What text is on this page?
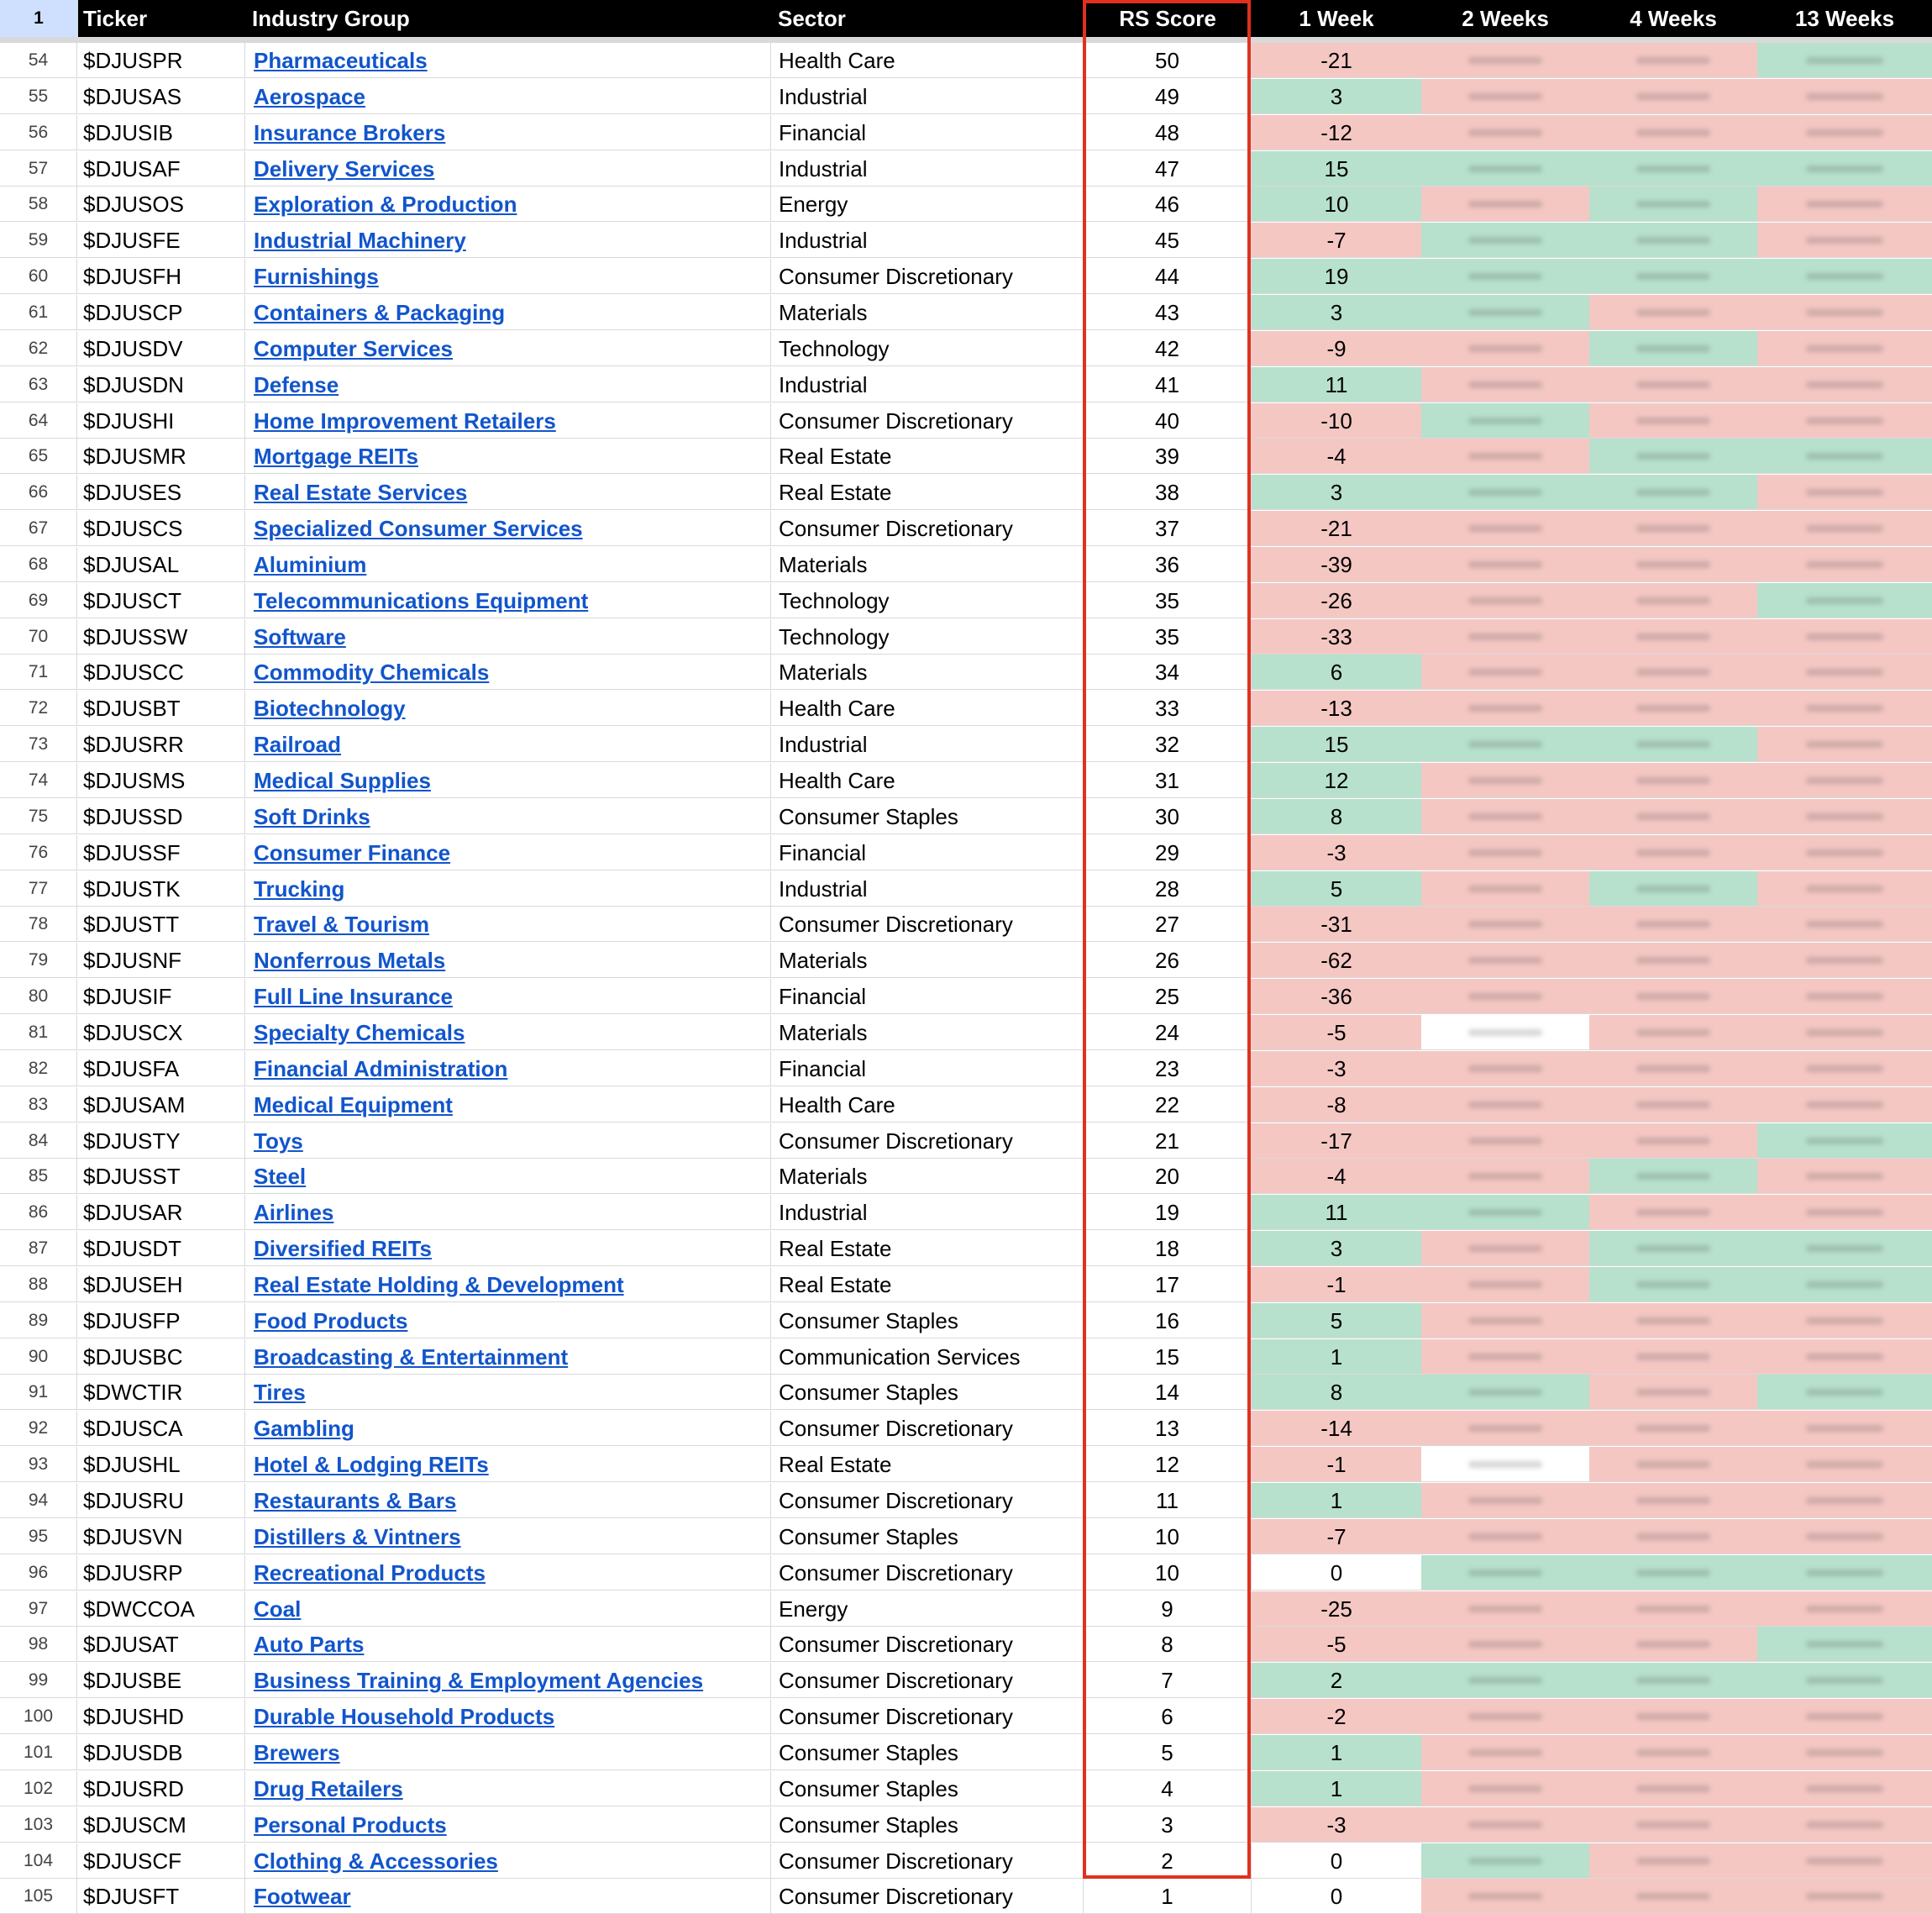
1	Ticker	Industry Group	Sector	RS Score	1 Week	2 Weeks	4 Weeks	13 Weeks
54	$DJUSPR	Pharmaceuticals	Health Care	50	-21
55	$DJUSAS	Aerospace	Industrial	49	3
56	$DJUSIB	Insurance Brokers	Financial	48	-12
57	$DJUSAF	Delivery Services	Industrial	47	15
58	$DJUSOS	Exploration & Production	Energy	46	10
59	$DJUSFE	Industrial Machinery	Industrial	45	-7
60	$DJUSFH	Furnishings	Consumer Discretionary	44	19
61	$DJUSCP	Containers & Packaging	Materials	43	3
62	$DJUSDV	Computer Services	Technology	42	-9
63	$DJUSDN	Defense	Industrial	41	11
64	$DJUSHI	Home Improvement Retailers	Consumer Discretionary	40	-10
65	$DJUSMR	Mortgage REITs	Real Estate	39	-4
66	$DJUSES	Real Estate Services	Real Estate	38	3
67	$DJUSCS	Specialized Consumer Services	Consumer Discretionary	37	-21
68	$DJUSAL	Aluminium	Materials	36	-39
69	$DJUSCT	Telecommunications Equipment	Technology	35	-26
70	$DJUSSW	Software	Technology	35	-33
71	$DJUSCC	Commodity Chemicals	Materials	34	6
72	$DJUSBT	Biotechnology	Health Care	33	-13
73	$DJUSRR	Railroad	Industrial	32	15
74	$DJUSMS	Medical Supplies	Health Care	31	12
75	$DJUSSD	Soft Drinks	Consumer Staples	30	8
76	$DJUSSF	Consumer Finance	Financial	29	-3
77	$DJUSTK	Trucking	Industrial	28	5
78	$DJUSTT	Travel & Tourism	Consumer Discretionary	27	-31
79	$DJUSNF	Nonferrous Metals	Materials	26	-62
80	$DJUSIF	Full Line Insurance	Financial	25	-36
81	$DJUSCX	Specialty Chemicals	Materials	24	-5
82	$DJUSFA	Financial Administration	Financial	23	-3
83	$DJUSAM	Medical Equipment	Health Care	22	-8
84	$DJUSTY	Toys	Consumer Discretionary	21	-17
85	$DJUSST	Steel	Materials	20	-4
86	$DJUSAR	Airlines	Industrial	19	11
87	$DJUSDT	Diversified REITs	Real Estate	18	3
88	$DJUSEH	Real Estate Holding & Development	Real Estate	17	-1
89	$DJUSFP	Food Products	Consumer Staples	16	5
90	$DJUSBC	Broadcasting & Entertainment	Communication Services	15	1
91	$DWCTIR	Tires	Consumer Staples	14	8
92	$DJUSCA	Gambling	Consumer Discretionary	13	-14
93	$DJUSHL	Hotel & Lodging REITs	Real Estate	12	-1
94	$DJUSRU	Restaurants & Bars	Consumer Discretionary	11	1
95	$DJUSVN	Distillers & Vintners	Consumer Staples	10	-7
96	$DJUSRP	Recreational Products	Consumer Discretionary	10	0
97	$DWCCOA	Coal	Energy	9	-25
98	$DJUSAT	Auto Parts	Consumer Discretionary	8	-5
99	$DJUSBE	Business Training & Employment Agencies	Consumer Discretionary	7	2
100	$DJUSHD	Durable Household Products	Consumer Discretionary	6	-2
101	$DJUSDB	Brewers	Consumer Staples	5	1
102	$DJUSRD	Drug Retailers	Consumer Staples	4	1
103	$DJUSCM	Personal Products	Consumer Staples	3	-3
104	$DJUSCF	Clothing & Accessories	Consumer Discretionary	2	0
105	$DJUSFT	Footwear	Consumer Discretionary	1	0
